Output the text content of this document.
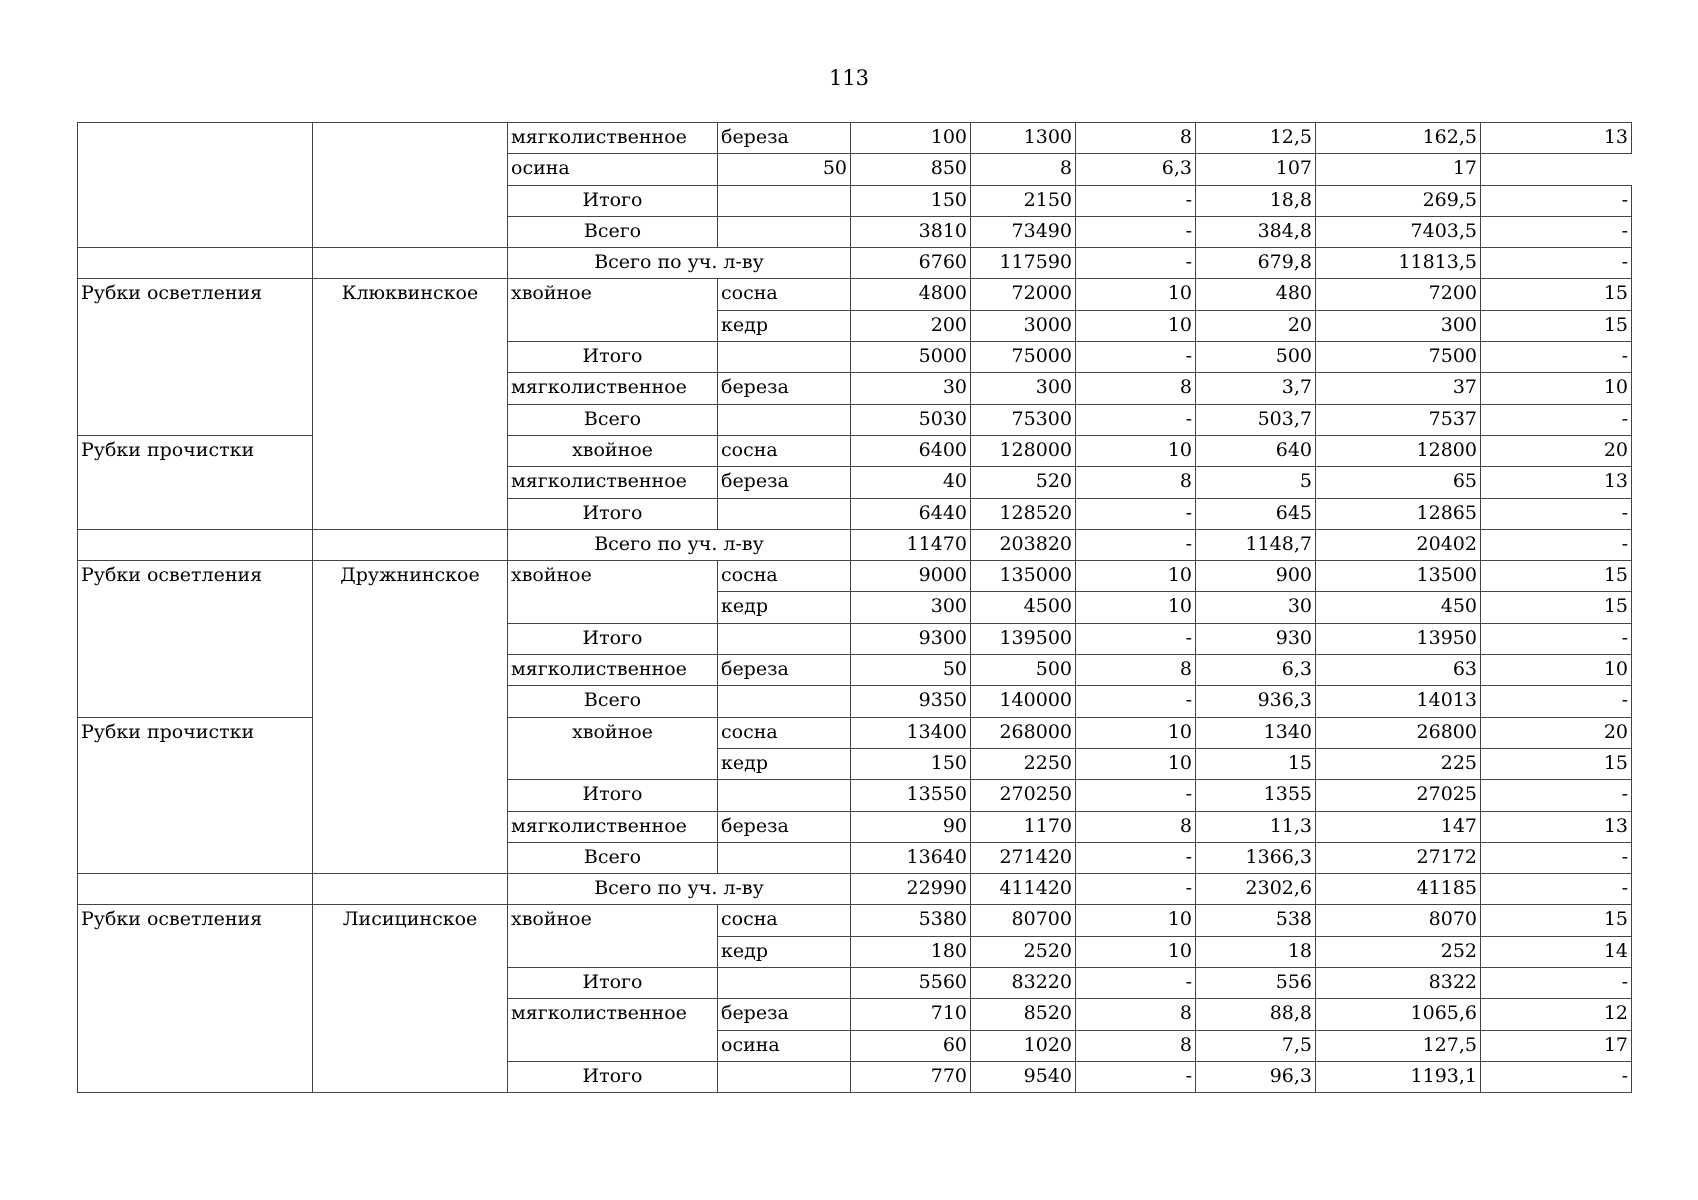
113
		мягколиственное	береза	100	1300	8	12,5	162,5	13
		осина	50	850	8	6,3	107	17	
		Итого		150	2150	-	18,8	269,5	-
		Всего		3810	73490	-	384,8	7403,5	-
		Всего по уч. л-ву		6760	117590	-	679,8	11813,5	-
Рубки осветления	Клюквинское	хвойное	сосна	4800	72000	10	480	7200	15
			кедр	200	3000	10	20	300	15
		Итого		5000	75000	-	500	7500	-
		мягколиственное	береза	30	300	8	3,7	37	10
		Всего		5030	75300	-	503,7	7537	-
Рубки прочистки		хвойное	сосна	6400	128000	10	640	12800	20
		мягколиственное	береза	40	520	8	5	65	13
		Итого		6440	128520	-	645	12865	-
		Всего по уч. л-ву		11470	203820	-	1148,7	20402	-
Рубки осветления	Дружнинское	хвойное	сосна	9000	135000	10	900	13500	15
			кедр	300	4500	10	30	450	15
		Итого		9300	139500	-	930	13950	-
		мягколиственное	береза	50	500	8	6,3	63	10
		Всего		9350	140000	-	936,3	14013	-
Рубки прочистки		хвойное	сосна	13400	268000	10	1340	26800	20
			кедр	150	2250	10	15	225	15
		Итого		13550	270250	-	1355	27025	-
		мягколиственное	береза	90	1170	8	11,3	147	13
		Всего		13640	271420	-	1366,3	27172	-
		Всего по уч. л-ву		22990	411420	-	2302,6	41185	-
Рубки осветления	Лисицинское	хвойное	сосна	5380	80700	10	538	8070	15
			кедр	180	2520	10	18	252	14
		Итого		5560	83220	-	556	8322	-
		мягколиственное	береза	710	8520	8	88,8	1065,6	12
			осина	60	1020	8	7,5	127,5	17
		Итого		770	9540	-	96,3	1193,1	-
